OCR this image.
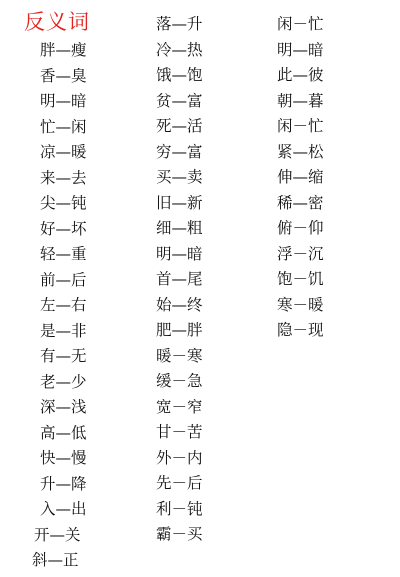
反义词
胖—瘦
香—臭
明—暗
忙—闲
凉—暖
来—去
尖—钝
好—坏
轻—重
前—后
左—右
是—非
有—无
老—少
深—浅
高—低
快—慢
升—降
入—出
开—关
斜—正
落—升
冷—热
饿—饱
贫—富
死—活
穷—富
买—卖
旧—新
细—粗
明—暗
首—尾
始—终
肥—胖
暖－寒
缓－急
宽－窄
甘－苦
外－内
先－后
利－钝
霸－买
闲－忙
明—暗
此—彼
朝—暮
闲－忙
紧—松
伸—缩
稀—密
俯－仰
浮－沉
饱－饥
寒－暖
隐－现
